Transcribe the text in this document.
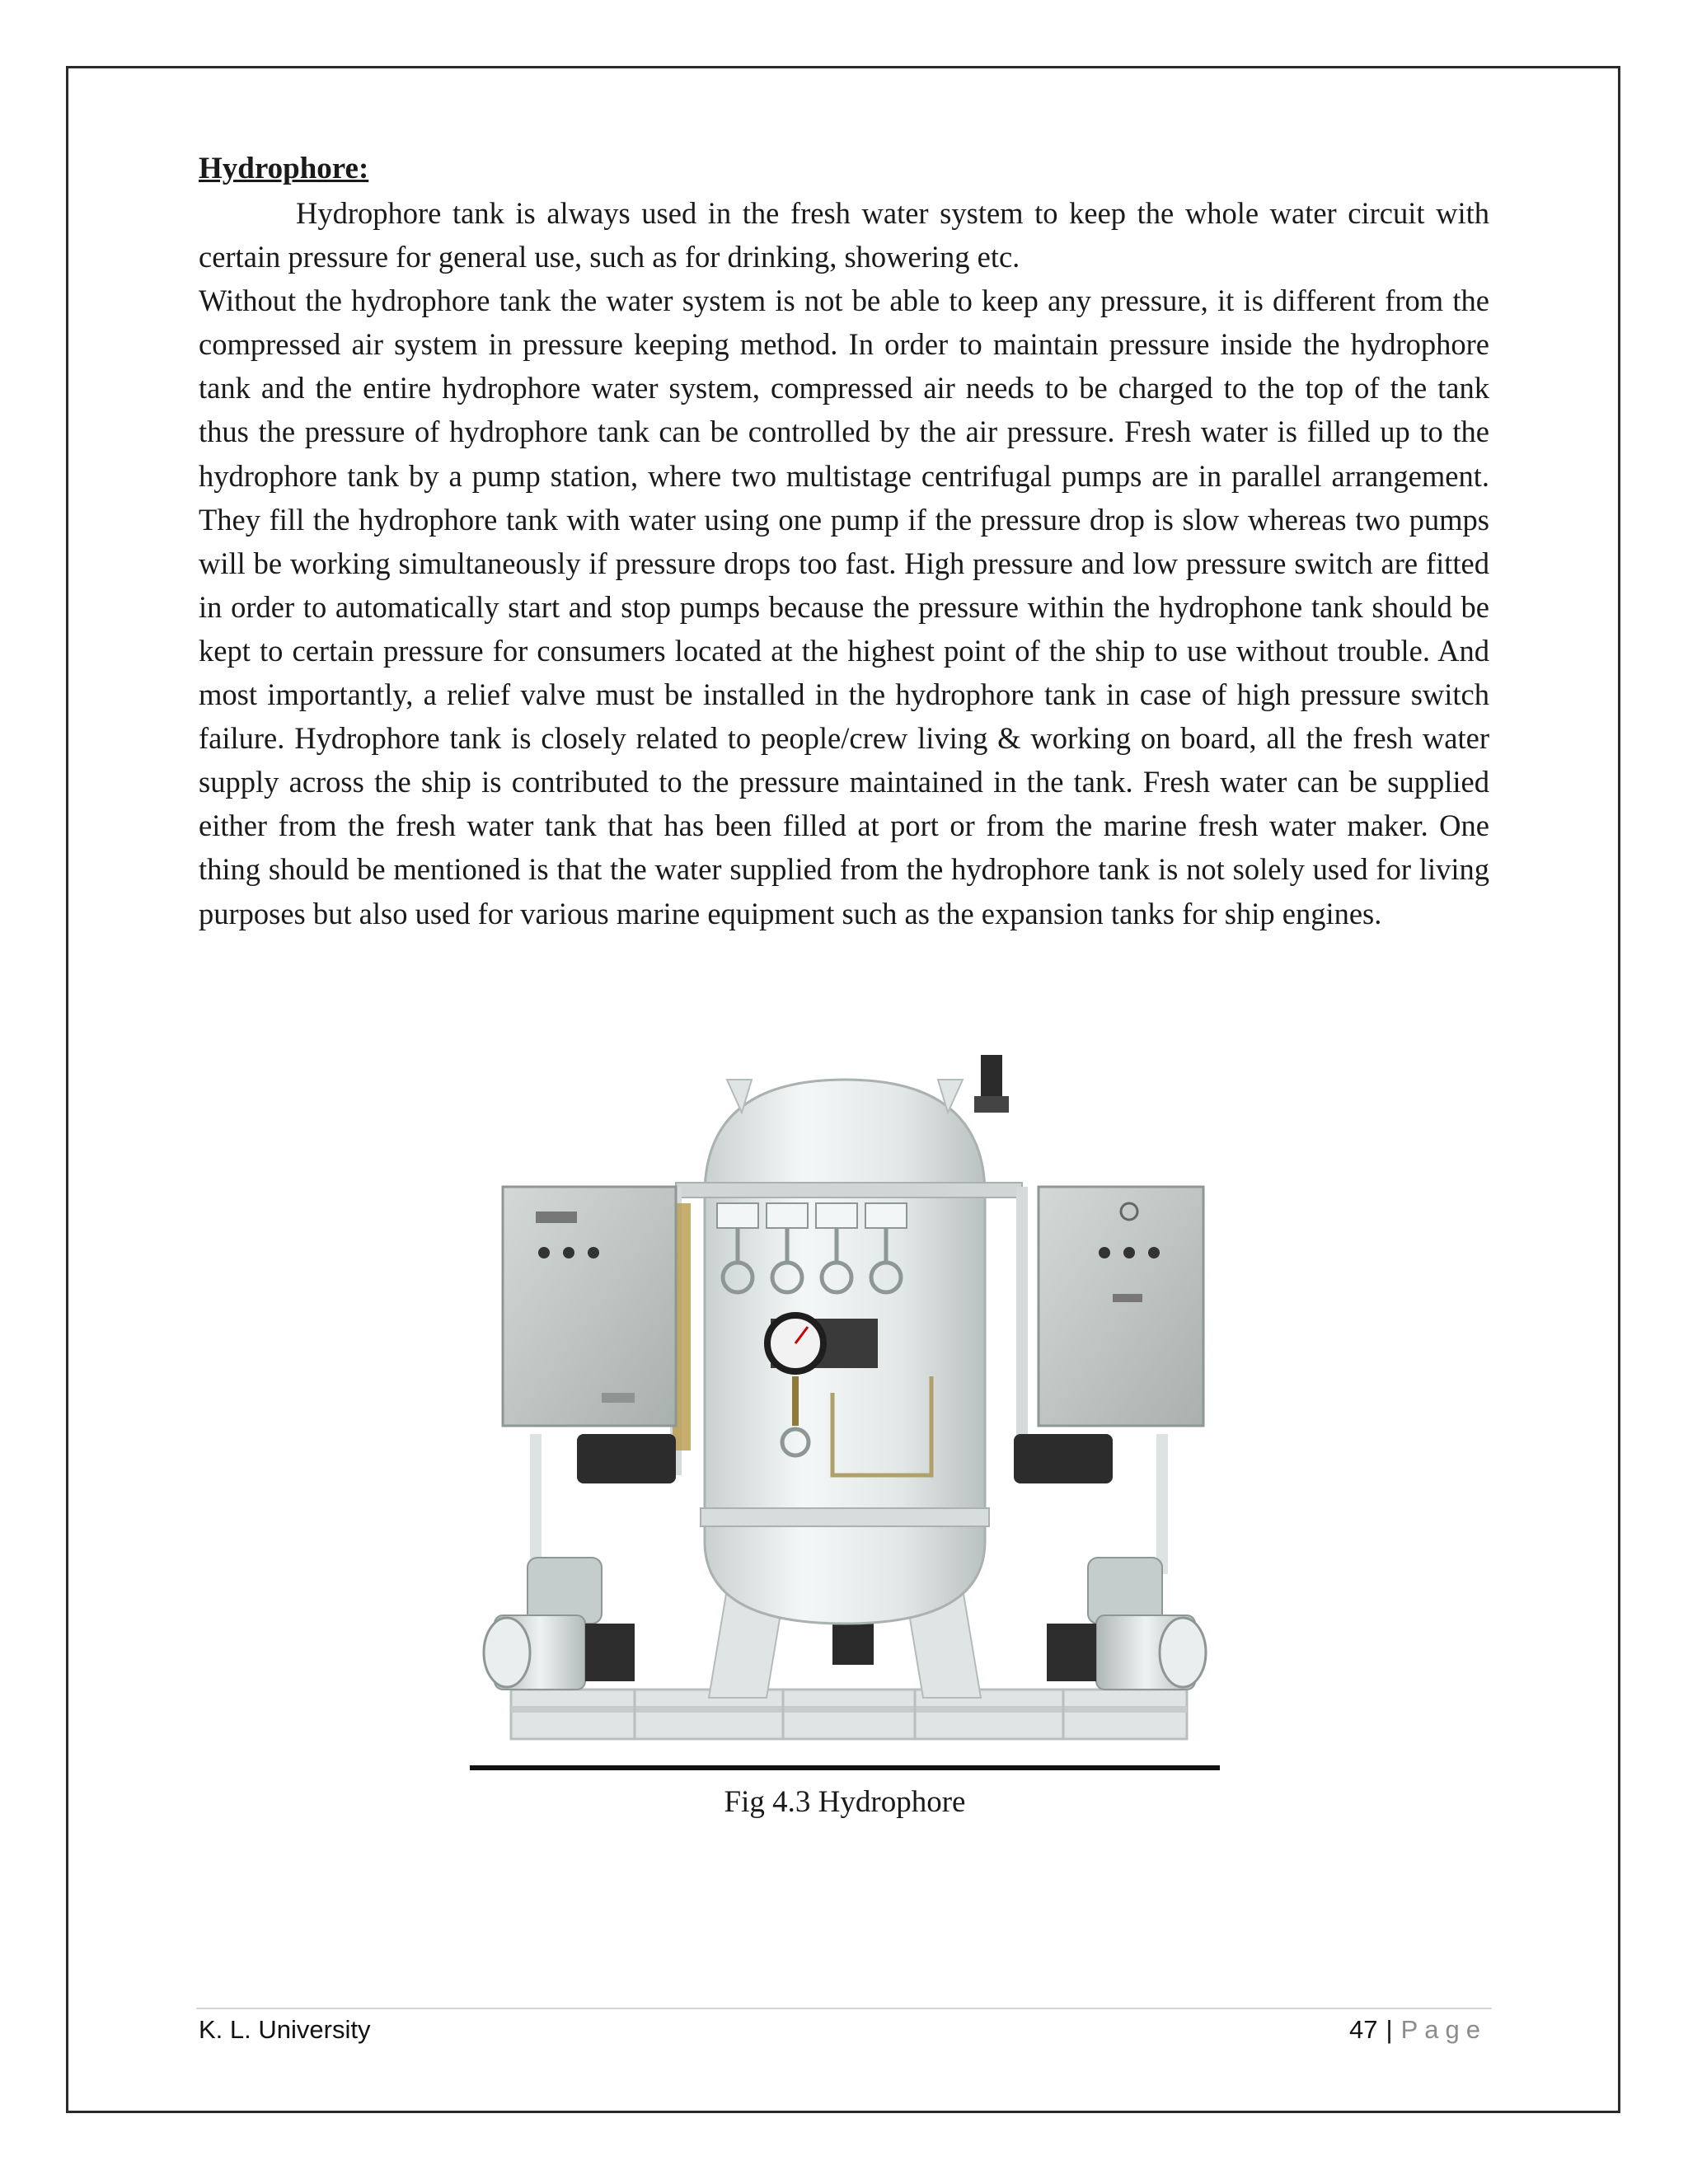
Hydrophore:

Hydrophore tank is always used in the fresh water system to keep the whole water circuit with certain pressure for general use, such as for drinking, showering etc.

Without the hydrophore tank the water system is not be able to keep any pressure, it is different from the compressed air system in pressure keeping method. In order to maintain pressure inside the hydrophore tank and the entire hydrophore water system, compressed air needs to be charged to the top of the tank thus the pressure of hydrophore tank can be controlled by the air pressure. Fresh water is filled up to the hydrophore tank by a pump station, where two multistage centrifugal pumps are in parallel arrangement. They fill the hydrophore tank with water using one pump if the pressure drop is slow whereas two pumps will be working simultaneously if pressure drops too fast. High pressure and low pressure switch are fitted in order to automatically start and stop pumps because the pressure within the hydrophone tank should be kept to certain pressure for consumers located at the highest point of the ship to use without trouble. And most importantly, a relief valve must be installed in the hydrophore tank in case of high pressure switch failure. Hydrophore tank is closely related to people/crew living & working on board, all the fresh water supply across the ship is contributed to the pressure maintained in the tank. Fresh water can be supplied either from the fresh water tank that has been filled at port or from the marine fresh water maker. One thing should be mentioned is that the water supplied from the hydrophore tank is not solely used for living purposes but also used for various marine equipment such as the expansion tanks for ship engines.

Fig 4.3 Hydrophore
K. L. University	47 | Page
